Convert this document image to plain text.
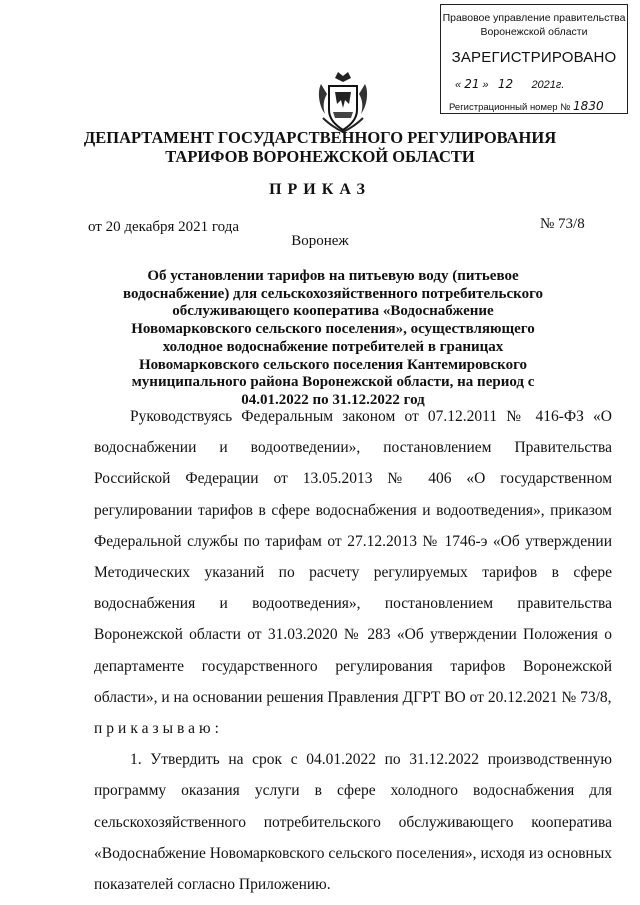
Правовое управление правительства
Воронежской области
ЗАРЕГИСТРИРОВАНО
« 21 »   12 2021г.
Регистрационный номер № 1830
ДЕПАРТАМЕНТ ГОСУДАРСТВЕННОГО РЕГУЛИРОВАНИЯ ТАРИФОВ ВОРОНЕЖСКОЙ ОБЛАСТИ
ПРИКАЗ
от 20 декабря 2021 года	№ 73/8
Воронеж
Об установлении тарифов на питьевую воду (питьевое водоснабжение) для сельскохозяйственного потребительского обслуживающего кооператива «Водоснабжение Новомарковского сельского поселения», осуществляющего холодное водоснабжение потребителей в границах Новомарковского сельского поселения Кантемировского муниципального района Воронежской области, на период с 04.01.2022 по 31.12.2022 год

Руководствуясь Федеральным законом от 07.12.2011 № 416-ФЗ «О водоснабжении и водоотведении», постановлением Правительства Российской Федерации от 13.05.2013 № 406 «О государственном регулировании тарифов в сфере водоснабжения и водоотведения», приказом Федеральной службы по тарифам от 27.12.2013 № 1746-э «Об утверждении Методических указаний по расчету регулируемых тарифов в сфере водоснабжения и водоотведения», постановлением правительства Воронежской области от 31.03.2020 № 283 «Об утверждении Положения о департаменте государственного регулирования тарифов Воронежской области», и на основании решения Правления ДГРТ ВО от 20.12.2021 № 73/8,

приказываю:

1. Утвердить на срок с 04.01.2022 по 31.12.2022 производственную программу оказания услуги в сфере холодного водоснабжения для сельскохозяйственного потребительского обслуживающего кооператива «Водоснабжение Новомарковского сельского поселения», исходя из основных показателей согласно Приложению.
